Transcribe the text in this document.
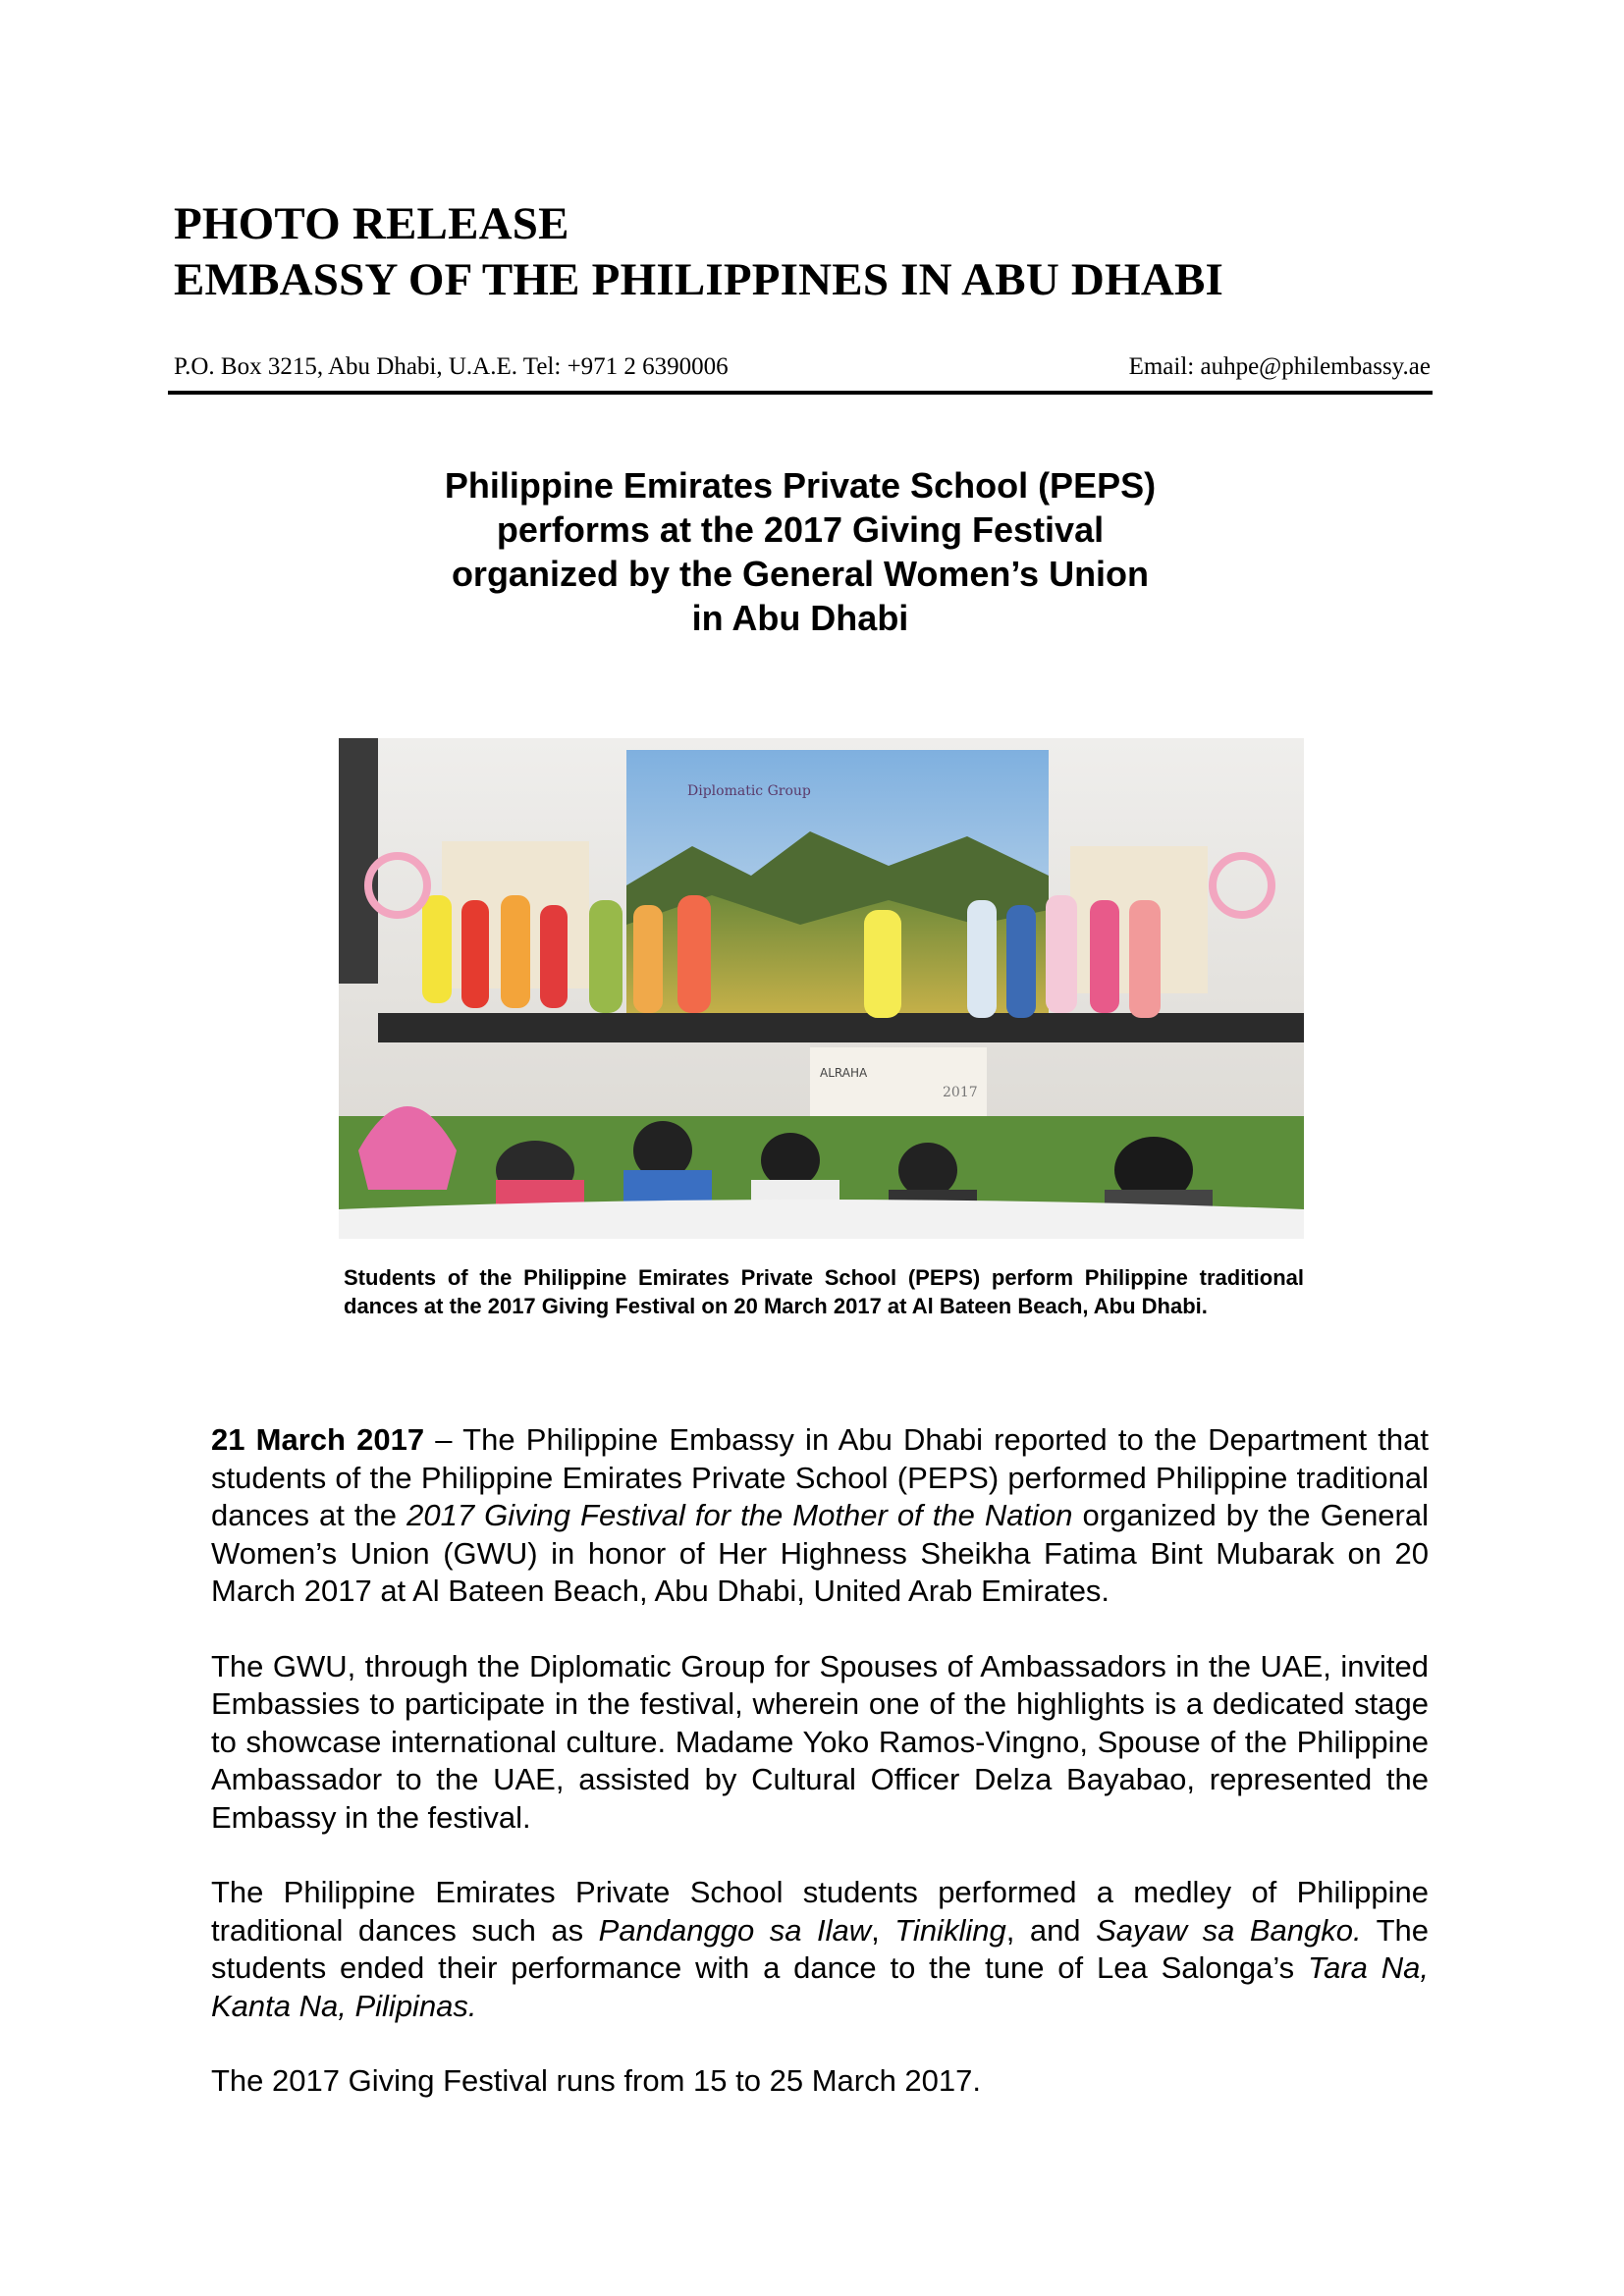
PHOTO RELEASE
EMBASSY OF THE PHILIPPINES IN ABU DHABI
P.O. Box 3215, Abu Dhabi, U.A.E. Tel: +971 2 6390006	Email: auhpe@philembassy.ae
Philippine Emirates Private School (PEPS)
performs at the 2017 Giving Festival
organized by the General Women’s Union
in Abu Dhabi
Diplomatic Group
ALRAHA
2017
Students of the Philippine Emirates Private School (PEPS) perform Philippine traditional dances at the 2017 Giving Festival on 20 March 2017 at Al Bateen Beach, Abu Dhabi.

21 March 2017 – The Philippine Embassy in Abu Dhabi reported to the Department that students of the Philippine Emirates Private School (PEPS) performed Philippine traditional dances at the 2017 Giving Festival for the Mother of the Nation organized by the General Women’s Union (GWU) in honor of Her Highness Sheikha Fatima Bint Mubarak on 20 March 2017 at Al Bateen Beach, Abu Dhabi, United Arab Emirates.

The GWU, through the Diplomatic Group for Spouses of Ambassadors in the UAE, invited Embassies to participate in the festival, wherein one of the highlights is a dedicated stage to showcase international culture. Madame Yoko Ramos-Vingno, Spouse of the Philippine Ambassador to the UAE, assisted by Cultural Officer Delza Bayabao, represented the Embassy in the festival.

The Philippine Emirates Private School students performed a medley of Philippine traditional dances such as Pandanggo sa Ilaw, Tinikling, and Sayaw sa Bangko. The students ended their performance with a dance to the tune of Lea Salonga’s Tara Na, Kanta Na, Pilipinas.

The 2017 Giving Festival runs from 15 to 25 March 2017.
